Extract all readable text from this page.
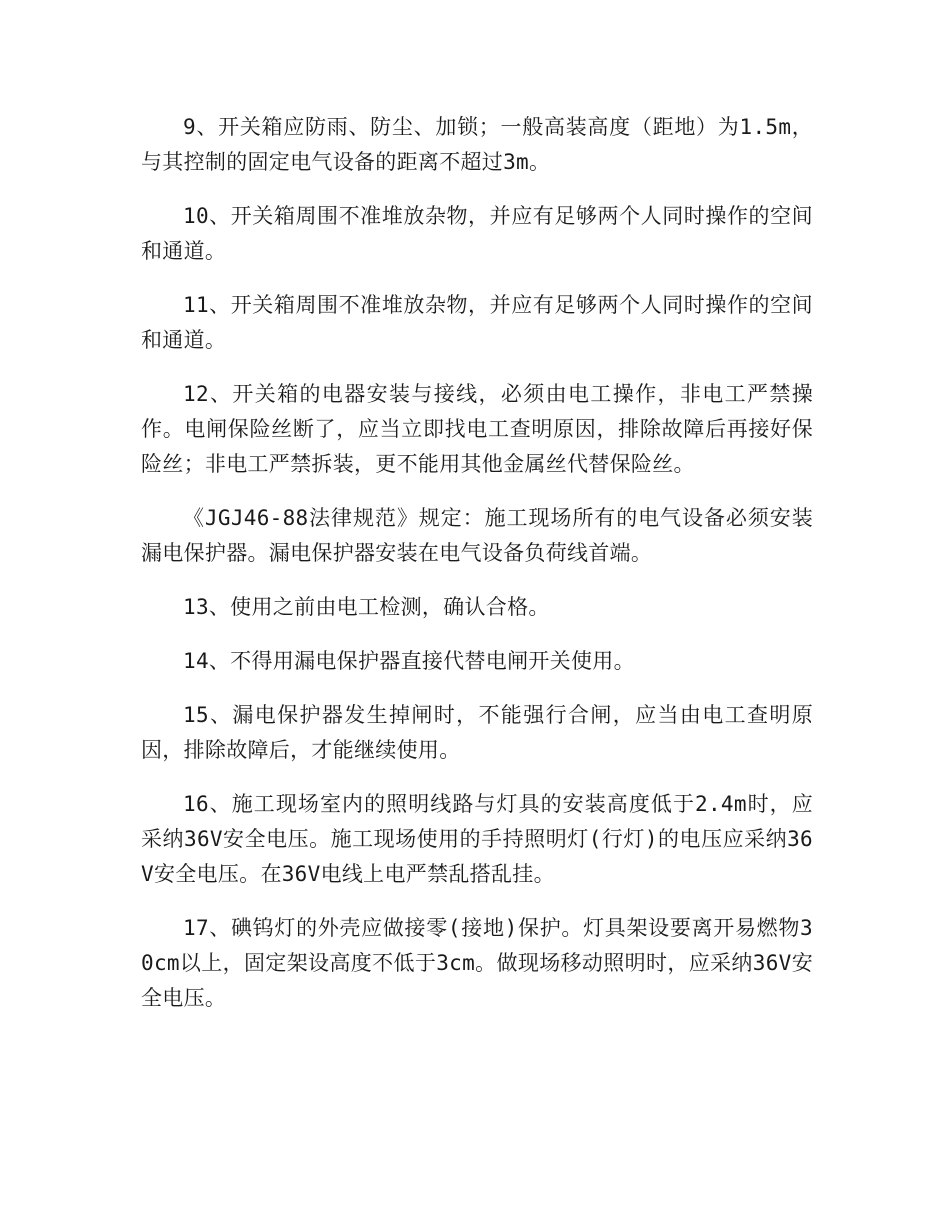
9、开关箱应防雨、防尘、加锁；一般高装高度（距地）为1.5m，与其控制的固定电气设备的距离不超过3m。

10、开关箱周围不准堆放杂物，并应有足够两个人同时操作的空间和通道。

11、开关箱周围不准堆放杂物，并应有足够两个人同时操作的空间和通道。

12、开关箱的电器安装与接线，必须由电工操作，非电工严禁操作。电闸保险丝断了，应当立即找电工查明原因，排除故障后再接好保险丝；非电工严禁拆装，更不能用其他金属丝代替保险丝。

《JGJ46-88法律规范》规定：施工现场所有的电气设备必须安装漏电保护器。漏电保护器安装在电气设备负荷线首端。

13、使用之前由电工检测，确认合格。

14、不得用漏电保护器直接代替电闸开关使用。

15、漏电保护器发生掉闸时，不能强行合闸，应当由电工查明原因，排除故障后，才能继续使用。

16、施工现场室内的照明线路与灯具的安装高度低于2.4m时，应采纳36V安全电压。施工现场使用的手持照明灯(行灯)的电压应采纳36V安全电压。在36V电线上电严禁乱搭乱挂。

17、碘钨灯的外壳应做接零(接地)保护。灯具架设要离开易燃物30cm以上，固定架设高度不低于3cm。做现场移动照明时，应采纳36V安全电压。
